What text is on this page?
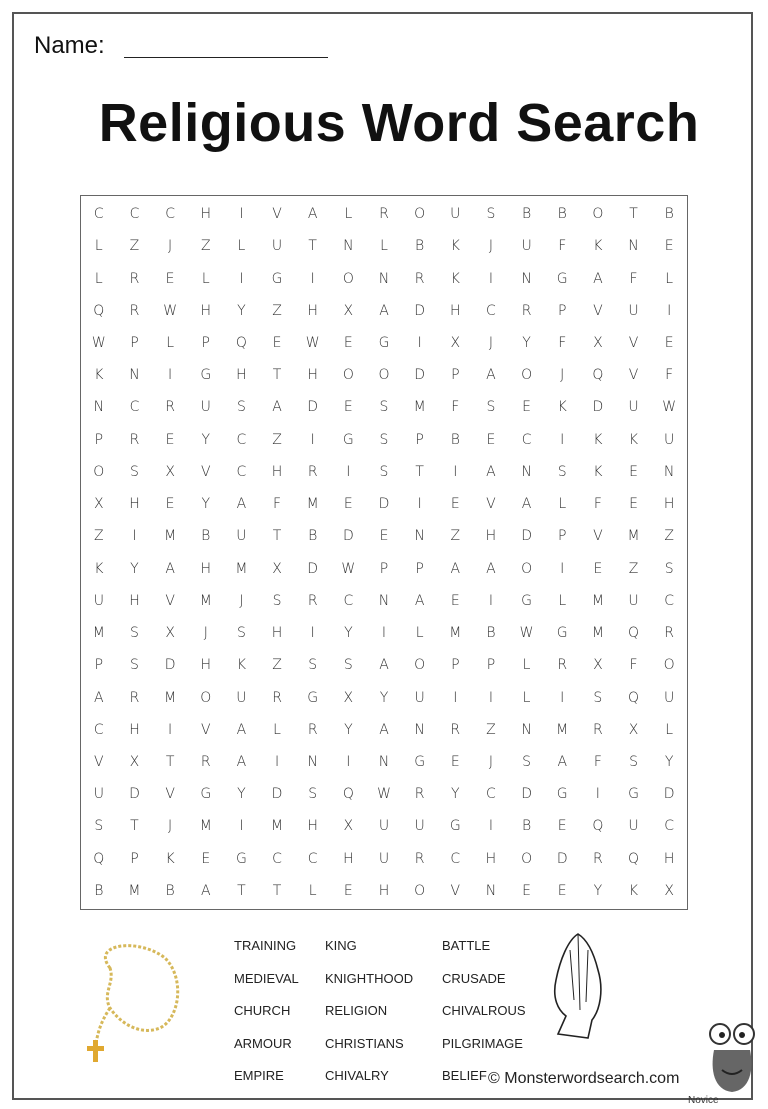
Name:
Religious Word Search
C	C	C	H	I	V	A	L	R	O	U	S	B	B	O	T	B
L	Z	J	Z	L	U	T	N	L	B	K	J	U	F	K	N	E
L	R	E	L	I	G	I	O	N	R	K	I	N	G	A	F	L
Q	R	W	H	Y	Z	H	X	A	D	H	C	R	P	V	U	I
W	P	L	P	Q	E	W	E	G	I	X	J	Y	F	X	V	E
K	N	I	G	H	T	H	O	O	D	P	A	O	J	Q	V	F
N	C	R	U	S	A	D	E	S	M	F	S	E	K	D	U	W
P	R	E	Y	C	Z	I	G	S	P	B	E	C	I	K	K	U
O	S	X	V	C	H	R	I	S	T	I	A	N	S	K	E	N
X	H	E	Y	A	F	M	E	D	I	E	V	A	L	F	E	H
Z	I	M	B	U	T	B	D	E	N	Z	H	D	P	V	M	Z
K	Y	A	H	M	X	D	W	P	P	A	A	O	I	E	Z	S
U	H	V	M	J	S	R	C	N	A	E	I	G	L	M	U	C
M	S	X	J	S	H	I	Y	I	L	M	B	W	G	M	Q	R
P	S	D	H	K	Z	S	S	A	O	P	P	L	R	X	F	O
A	R	M	O	U	R	G	X	Y	U	I	I	L	I	S	Q	U
C	H	I	V	A	L	R	Y	A	N	R	Z	N	M	R	X	L
V	X	T	R	A	I	N	I	N	G	E	J	S	A	F	S	Y
U	D	V	G	Y	D	S	Q	W	R	Y	C	D	G	I	G	D
S	T	J	M	I	M	H	X	U	U	G	I	B	E	Q	U	C
Q	P	K	E	G	C	C	H	U	R	C	H	O	D	R	Q	H
B	M	B	A	T	T	L	E	H	O	V	N	E	E	Y	K	X
TRAINING	KING	BATTLE
MEDIEVAL	KNIGHTHOOD	CRUSADE
CHURCH	RELIGION	CHIVALROUS
ARMOUR	CHRISTIANS	PILGRIMAGE
EMPIRE	CHIVALRY	BELIEF © Monsterwordsearch.com
Novice
